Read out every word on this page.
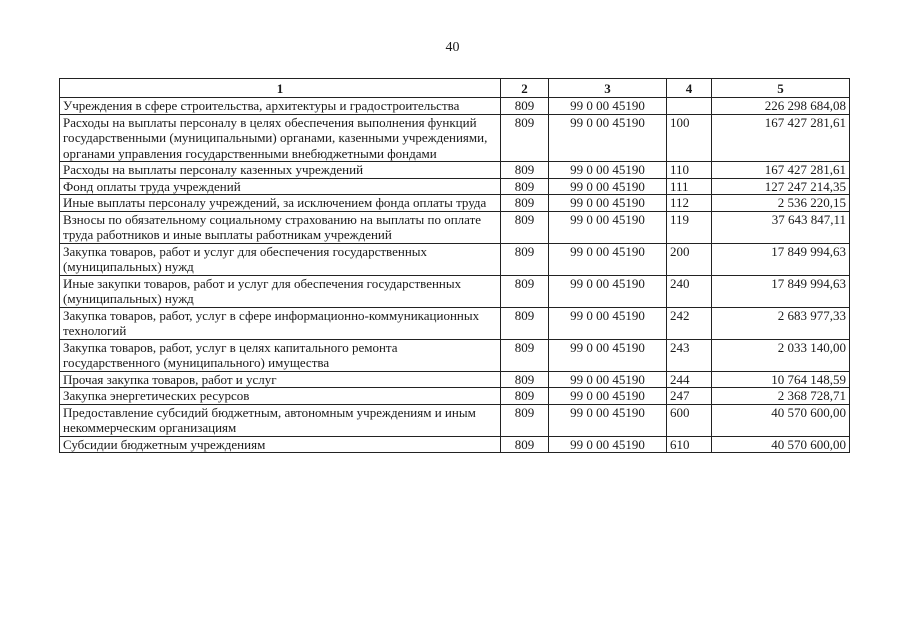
40
1	2	3	4	5
Учреждения в сфере строительства, архитектуры и градостроительства	809	99 0 00 45190		226 298 684,08
Расходы на выплаты персоналу в целях обеспечения выполнения функций государственными (муниципальными) органами, казенными учреждениями, органами управления государственными внебюджетными фондами	809	99 0 00 45190	100	167 427 281,61
Расходы на выплаты персоналу казенных учреждений	809	99 0 00 45190	110	167 427 281,61
Фонд оплаты труда учреждений	809	99 0 00 45190	111	127 247 214,35
Иные выплаты персоналу учреждений, за исключением фонда оплаты труда	809	99 0 00 45190	112	2 536 220,15
Взносы по обязательному социальному страхованию на выплаты по оплате труда работников и иные выплаты работникам учреждений	809	99 0 00 45190	119	37 643 847,11
Закупка товаров, работ и услуг для обеспечения государственных (муниципальных) нужд	809	99 0 00 45190	200	17 849 994,63
Иные закупки товаров, работ и услуг для обеспечения государственных (муниципальных) нужд	809	99 0 00 45190	240	17 849 994,63
Закупка товаров, работ, услуг в сфере информационно-коммуникационных технологий	809	99 0 00 45190	242	2 683 977,33
Закупка товаров, работ, услуг в целях капитального ремонта государственного (муниципального) имущества	809	99 0 00 45190	243	2 033 140,00
Прочая закупка товаров, работ и услуг	809	99 0 00 45190	244	10 764 148,59
Закупка энергетических ресурсов	809	99 0 00 45190	247	2 368 728,71
Предоставление субсидий бюджетным, автономным учреждениям и иным некоммерческим организациям	809	99 0 00 45190	600	40 570 600,00
Субсидии бюджетным учреждениям	809	99 0 00 45190	610	40 570 600,00
